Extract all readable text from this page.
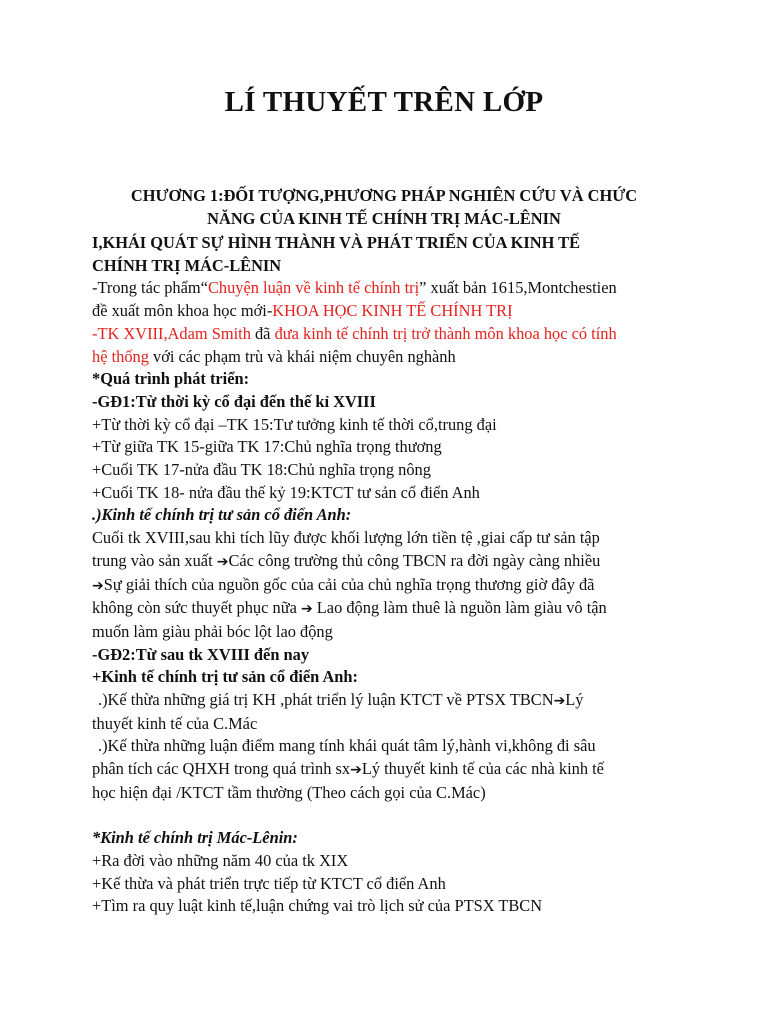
LÍ THUYẾT TRÊN LỚP
CHƯƠNG 1:ĐỐI TƯỢNG,PHƯƠNG PHÁP NGHIÊN CỨU VÀ CHỨC
NĂNG CỦA KINH TẾ CHÍNH TRỊ MÁC-LÊNIN
I,KHÁI QUÁT SỰ HÌNH THÀNH VÀ PHÁT TRIỂN CỦA KINH TẾ
CHÍNH TRỊ MÁC-LÊNIN
-Trong tác phẩm“Chuyện luận về kinh tế chính trị” xuất bản 1615,Montchestien
đề xuất môn khoa học mới-KHOA HỌC KINH TẾ CHÍNH TRỊ
-TK XVIII,Adam Smith đã đưa kinh tế chính trị trở thành môn khoa học có tính
hệ thống với các phạm trù và khái niệm chuyên nghành
*Quá trình phát triển:
-GĐ1:Từ thời kỳ cổ đại đến thế kỉ XVIII
+Từ thời kỳ cổ đại –TK 15:Tư tưởng kinh tế thời cổ,trung đại
+Từ giữa TK 15-giữa TK 17:Chủ nghĩa trọng thương
+Cuối TK 17-nửa đầu TK 18:Chủ nghĩa trọng nông
+Cuối TK 18- nửa đầu thế kỷ 19:KTCT tư sản cổ điển Anh
.)Kinh tế chính trị tư sản cổ điển Anh:
Cuối tk XVIII,sau khi tích lũy được khối lượng lớn tiền tệ ,giai cấp tư sản tập
trung vào sản xuất ➔Các công trường thủ công TBCN ra đời ngày càng nhiều
➔Sự giải thích của nguồn gốc của cải của chủ nghĩa trọng thương giờ đây đã
không còn sức thuyết phục nữa ➔ Lao động làm thuê là nguồn làm giàu vô tận
muốn làm giàu phải bóc lột lao động
-GĐ2:Từ sau tk XVIII đến nay
+Kinh tế chính trị tư sản cổ điển Anh:
.)Kế thừa những giá trị KH ,phát triển lý luận KTCT về PTSX TBCN➔Lý
thuyết kinh tế của C.Mác
.)Kế thừa những luận điểm mang tính khái quát tâm lý,hành vi,không đi sâu
phân tích các QHXH trong quá trình sx➔Lý thuyết kinh tế của các nhà kinh tế
học hiện đại /KTCT tầm thường (Theo cách gọi của C.Mác)
*Kinh tế chính trị Mác-Lênin:
+Ra đời vào những năm 40 của tk XIX
+Kế thừa và phát triển trực tiếp từ KTCT cổ điển Anh
+Tìm ra quy luật kinh tế,luận chứng vai trò lịch sử của PTSX TBCN
